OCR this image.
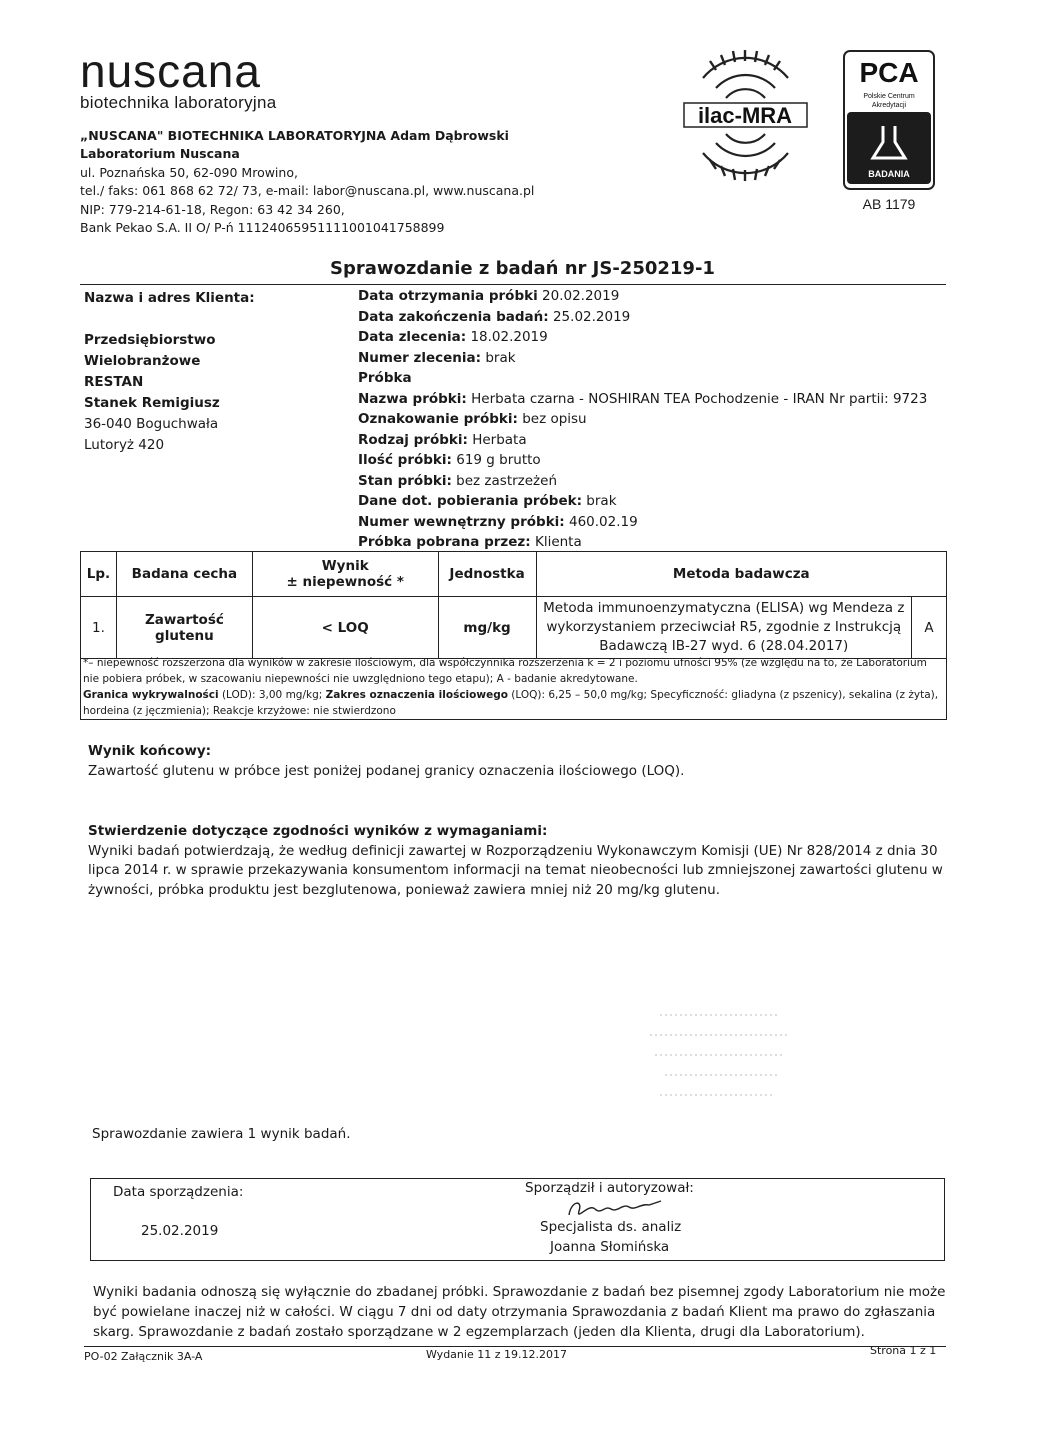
nuscana
biotechnika laboratoryjna
„NUSCANA" BIOTECHNIKA LABORATORYJNA Adam Dąbrowski
Laboratorium Nuscana
ul. Poznańska 50, 62-090 Mrowino,
tel./ faks: 061 868 62 72/ 73, e-mail: labor@nuscana.pl, www.nuscana.pl
NIP: 779-214-61-18, Regon: 63 42 34 260,
Bank Pekao S.A. II O/ P-ń 11124065951111001041758899
ilac-MRA
PCA
Polskie Centrum
Akredytacji
BADANIA
AB 1179
Sprawozdanie z badań nr JS-250219-1
Nazwa i adres Klienta:
Przedsiębiorstwo Wielobranżowe
RESTAN
Stanek Remigiusz
36-040 Boguchwała
Lutoryż 420
Data otrzymania próbki 20.02.2019
Data zakończenia badań: 25.02.2019
Data zlecenia: 18.02.2019
Numer zlecenia: brak
Próbka
Nazwa próbki: Herbata czarna - NOSHIRAN TEA Pochodzenie - IRAN Nr partii: 9723
Oznakowanie próbki: bez opisu
Rodzaj próbki: Herbata
Ilość próbki: 619 g brutto
Stan próbki: bez zastrzeżeń
Dane dot. pobierania próbek: brak
Numer wewnętrzny próbki: 460.02.19
Próbka pobrana przez: Klienta
Lp.	Badana cecha	Wynik
± niepewność *	Jednostka	Metoda badawcza	
1.	Zawartość glutenu	< LOQ	mg/kg	Metoda immunoenzymatyczna (ELISA) wg Mendeza z
wykorzystaniem przeciwciał R5, zgodnie z Instrukcją
Badawczą IB-27 wyd. 6 (28.04.2017)	A
*– niepewność rozszerzona dla wyników w zakresie ilościowym, dla współczynnika rozszerzenia k = 2 i poziomu ufności 95% (ze względu na to, że Laboratorium
nie pobiera próbek, w szacowaniu niepewności nie uwzględniono tego etapu); A - badanie akredytowane.
Granica wykrywalności (LOD): 3,00 mg/kg; Zakres oznaczenia ilościowego (LOQ): 6,25 – 50,0 mg/kg; Specyficzność: gliadyna (z pszenicy), sekalina (z żyta),
hordeina (z jęczmienia); Reakcje krzyżowe: nie stwierdzono
Wynik końcowy:
Zawartość glutenu w próbce jest poniżej podanej granicy oznaczenia ilościowego (LOQ).
Stwierdzenie dotyczące zgodności wyników z wymaganiami:
Wyniki badań potwierdzają, że według definicji zawartej w Rozporządzeniu Wykonawczym Komisji (UE) Nr 828/2014 z dnia 30
lipca 2014 r. w sprawie przekazywania konsumentom informacji na temat nieobecności lub zmniejszonej zawartości glutenu w
żywności, próbka produktu jest bezglutenowa, ponieważ zawiera mniej niż 20 mg/kg glutenu.
Sprawozdanie zawiera 1 wynik badań.
Data sporządzenia:
25.02.2019
Sporządził i autoryzował:
Specjalista ds. analiz
Joanna Słomińska
Wyniki badania odnoszą się wyłącznie do zbadanej próbki. Sprawozdanie z badań bez pisemnej zgody Laboratorium nie może
być powielane inaczej niż w całości. W ciągu 7 dni od daty otrzymania Sprawozdania z badań Klient ma prawo do zgłaszania
skarg. Sprawozdanie z badań zostało sporządzane w 2 egzemplarzach (jeden dla Klienta, drugi dla Laboratorium).
PO-02 Załącznik 3A-A	Wydanie 11 z 19.12.2017	Strona 1 z 1
